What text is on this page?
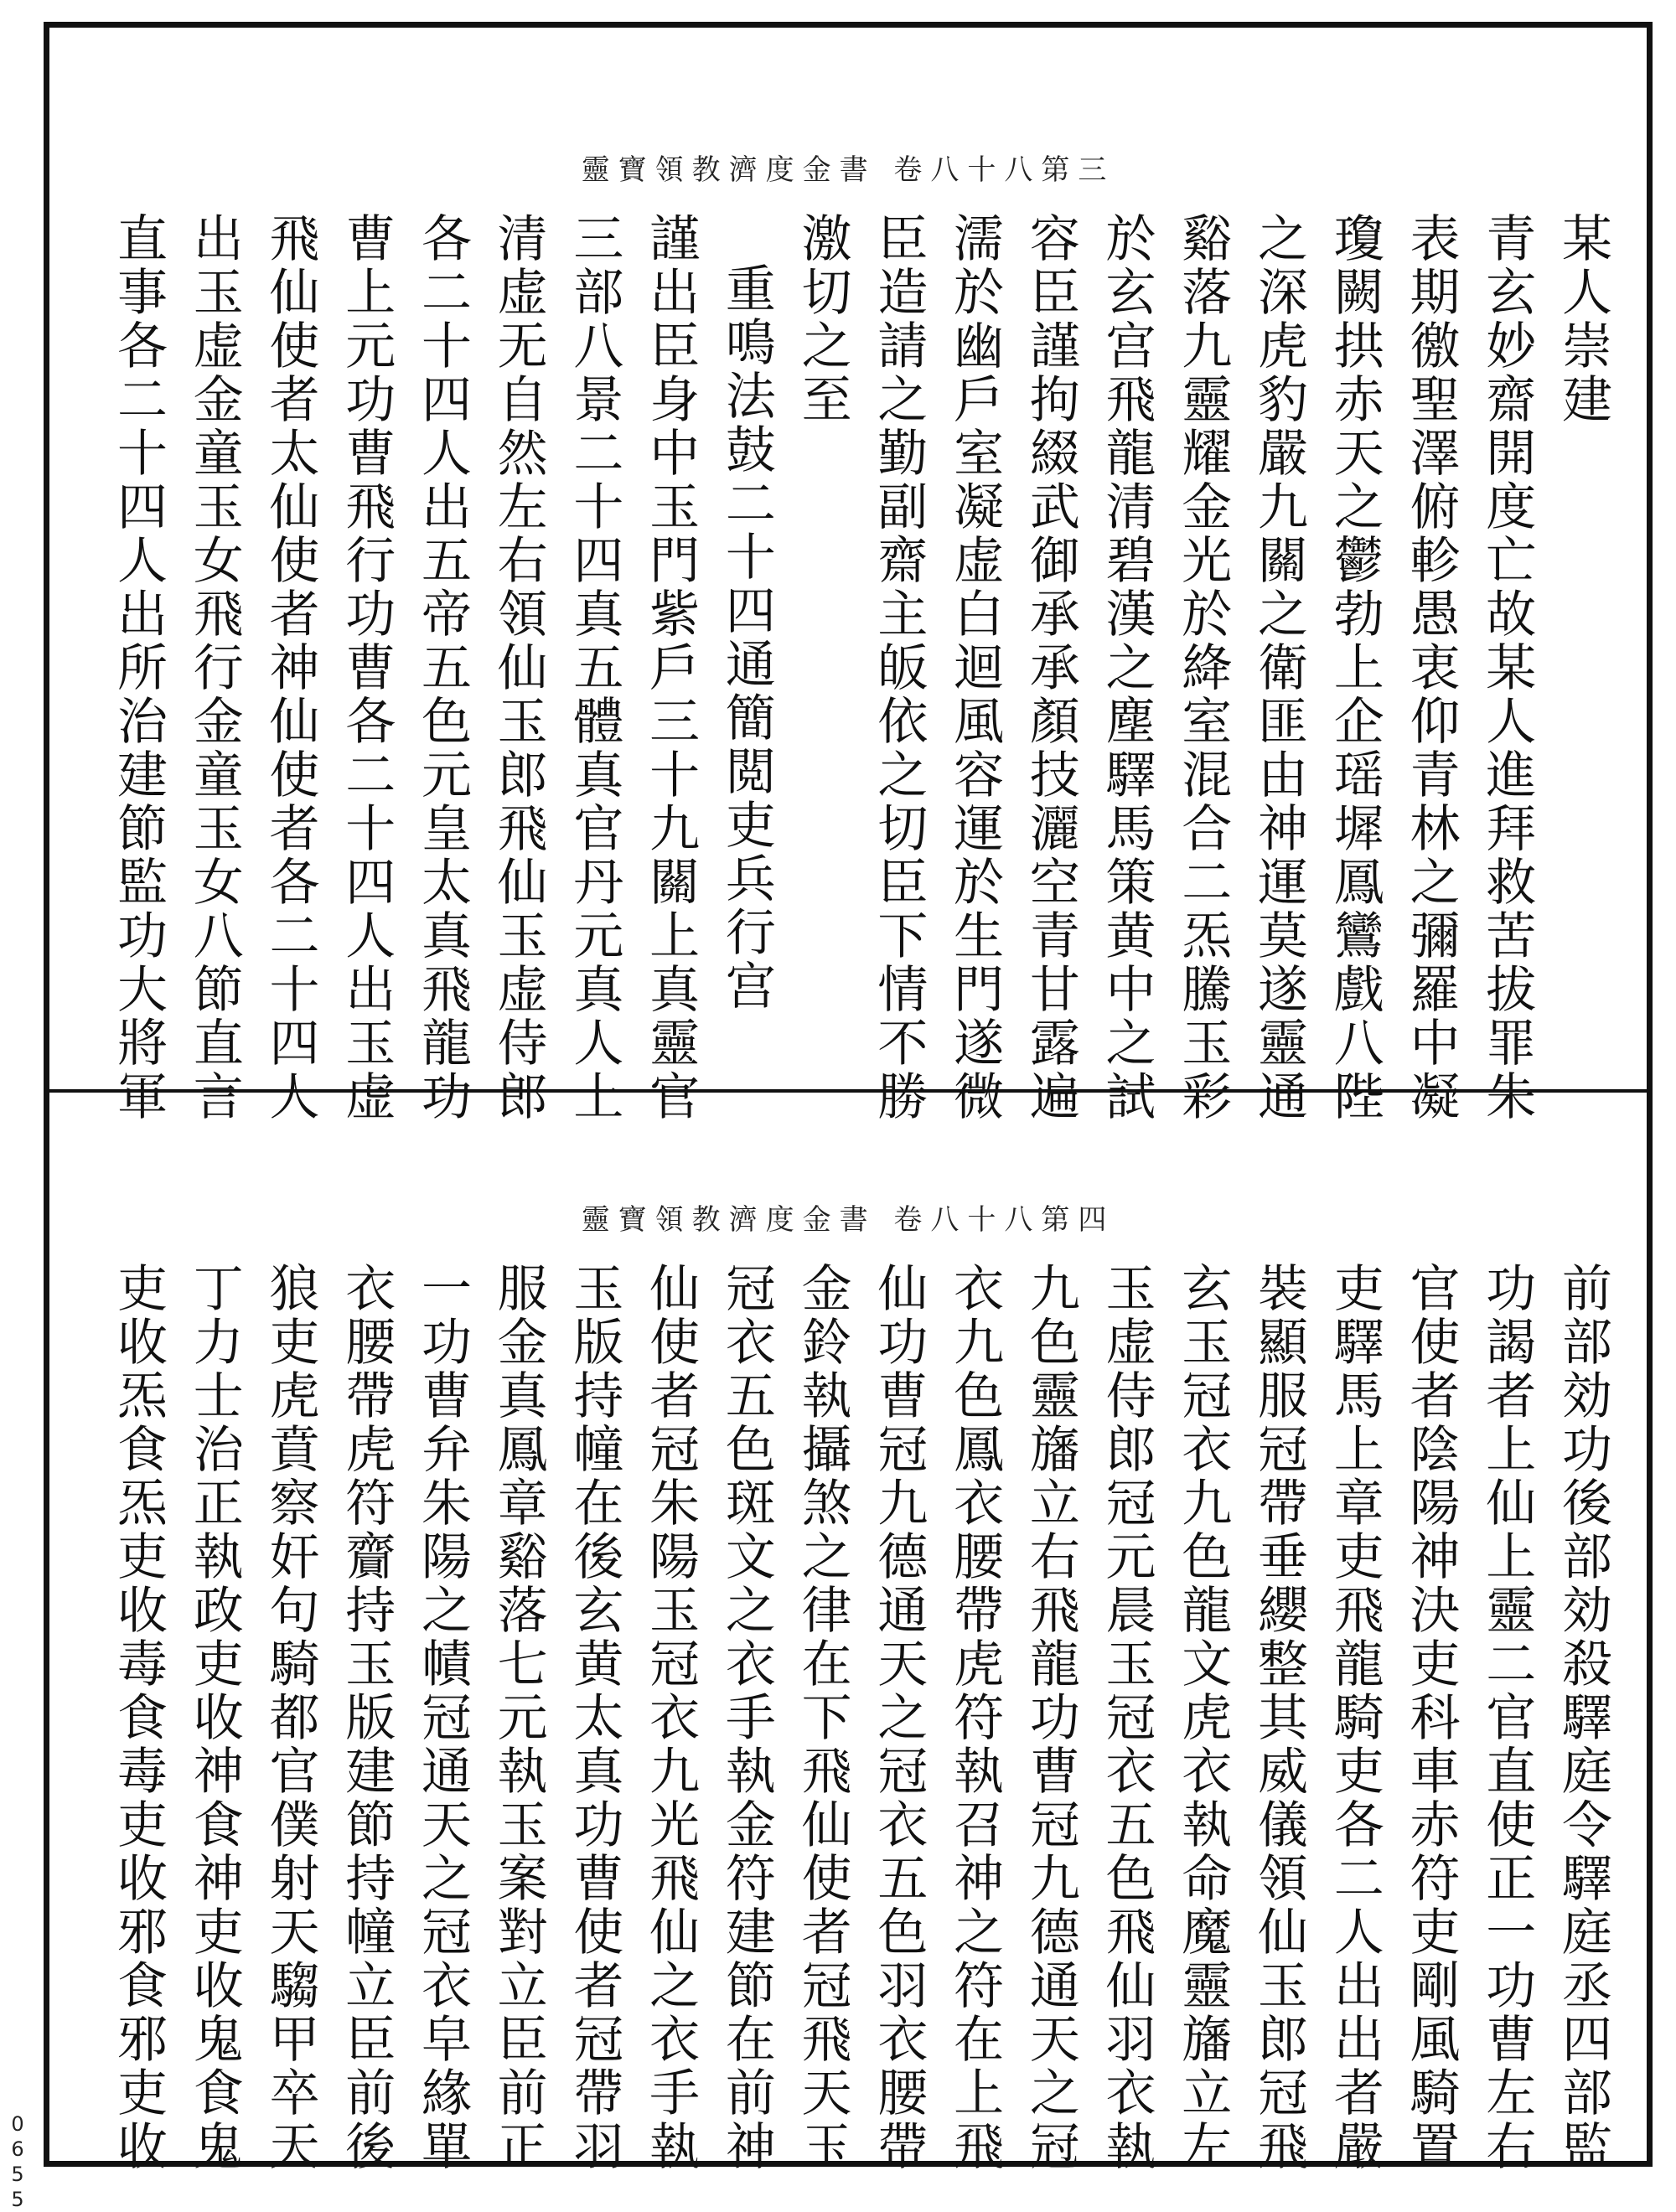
靈寶領教濟度金書 卷八十八第三
某人崇建
青玄妙齋開度亡故某人進拜救苦拔罪朱
表期徼聖澤俯軫愚衷仰青林之彌羅中凝
瓊闕拱赤天之鬱勃上企瑶墀鳳鸞戲八陛
之深虎豹嚴九關之衛匪由神運莫遂靈通
谿落九靈耀金光於絳室混合二炁騰玉彩
於玄宫飛龍清碧漢之塵驛馬策黄中之試
容臣謹拘綴武御承承顏技灑空青甘露遍
濡於幽戶室凝虚白迴風容運於生門遂微
臣造請之勤副齋主皈依之切臣下情不勝
激切之至
重鳴法鼓二十四通簡閲吏兵行宫
謹出臣身中玉門紫戶三十九關上真靈官
三部八景二十四真五體真官丹元真人上
清虚无自然左右領仙玉郎飛仙玉虚侍郎
各二十四人出五帝五色元皇太真飛龍功
曹上元功曹飛行功曹各二十四人出玉虚
飛仙使者太仙使者神仙使者各二十四人
出玉虚金童玉女飛行金童玉女八節直言
直事各二十四人出所治建節監功大將軍
靈寶領教濟度金書 卷八十八第四
前部効功後部効殺驛庭令驛庭丞四部監
功謁者上仙上靈二官直使正一功曹左右
官使者陰陽神決吏科車赤符吏剛風騎置
吏驛馬上章吏飛龍騎吏各二人出出者嚴
裝顯服冠帶垂纓整其威儀領仙玉郎冠飛
玄玉冠衣九色龍文虎衣執命魔靈旛立左
玉虚侍郎冠元晨玉冠衣五色飛仙羽衣執
九色靈旛立右飛龍功曹冠九德通天之冠
衣九色鳳衣腰帶虎符執召神之符在上飛
仙功曹冠九德通天之冠衣五色羽衣腰帶
金鈴執攝煞之律在下飛仙使者冠飛天玉
冠衣五色斑文之衣手執金符建節在前神
仙使者冠朱陽玉冠衣九光飛仙之衣手執
玉版持幢在後玄黄太真功曹使者冠帶羽
服金真鳳章谿落七元執玉案對立臣前正
一功曹弁朱陽之幘冠通天之冠衣皁緣單
衣腰帶虎符齎持玉版建節持幢立臣前後
狼吏虎賁察奸句騎都官僕射天騶甲卒天
丁力士治正執政吏收神食神吏收鬼食鬼
吏收炁食炁吏收毒食毒吏收邪食邪吏收
0655
